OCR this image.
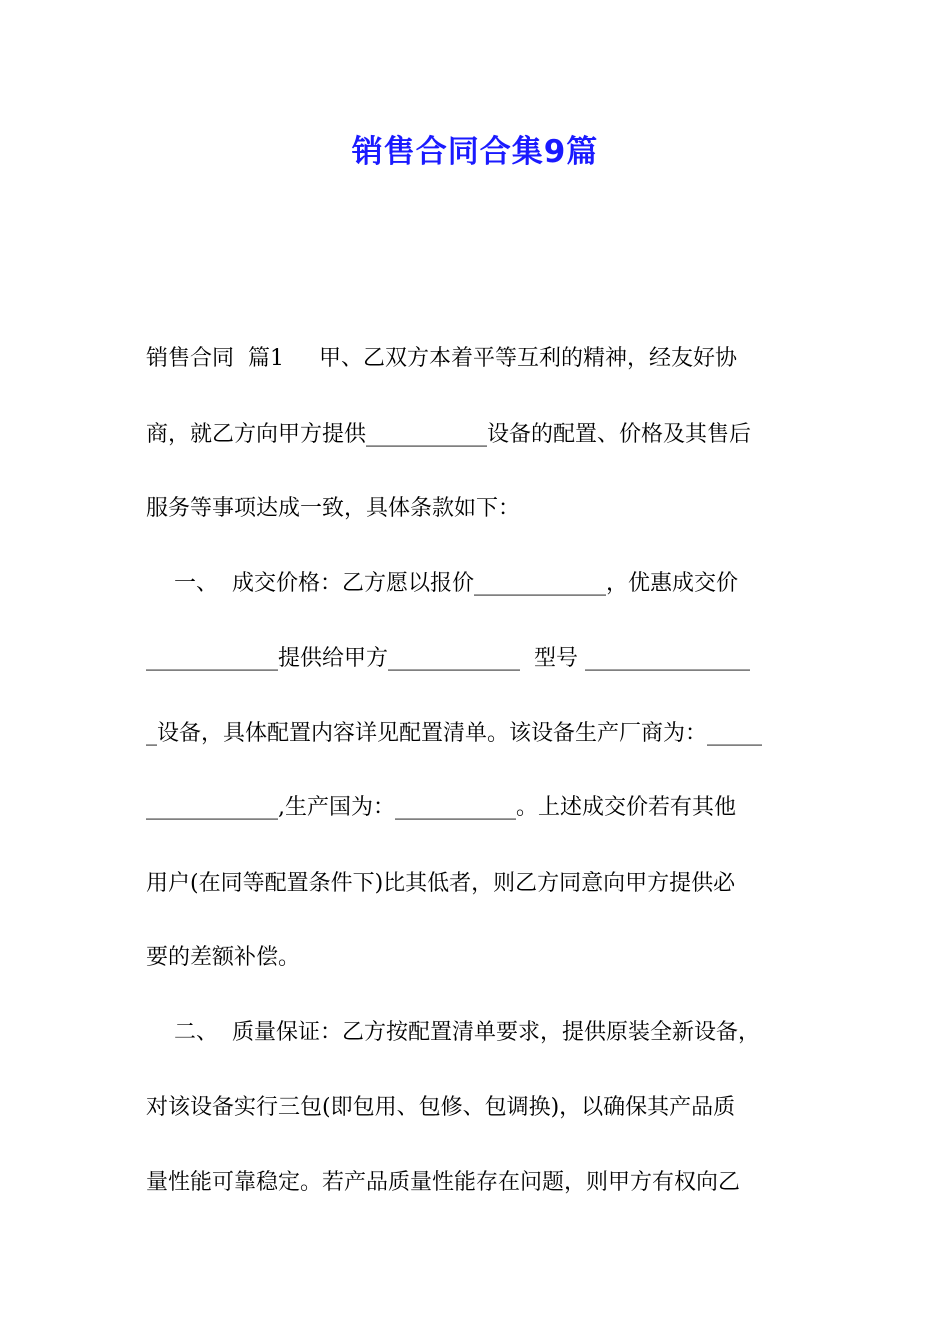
销售合同合集9篇
销售合同  篇1     甲、乙双方本着平等互利的精神，经友好协
商，就乙方向甲方提供___________设备的配置、价格及其售后
服务等事项达成一致，具体条款如下：
一、  成交价格：乙方愿以报价____________，优惠成交价
____________提供给甲方____________  型号 _______________
_设备，具体配置内容详见配置清单。该设备生产厂商为：_____
____________,生产国为：___________。上述成交价若有其他
用户(在同等配置条件下)比其低者，则乙方同意向甲方提供必
要的差额补偿。
二、  质量保证：乙方按配置清单要求，提供原装全新设备，
对该设备实行三包(即包用、包修、包调换)，以确保其产品质
量性能可靠稳定。若产品质量性能存在问题，则甲方有权向乙
